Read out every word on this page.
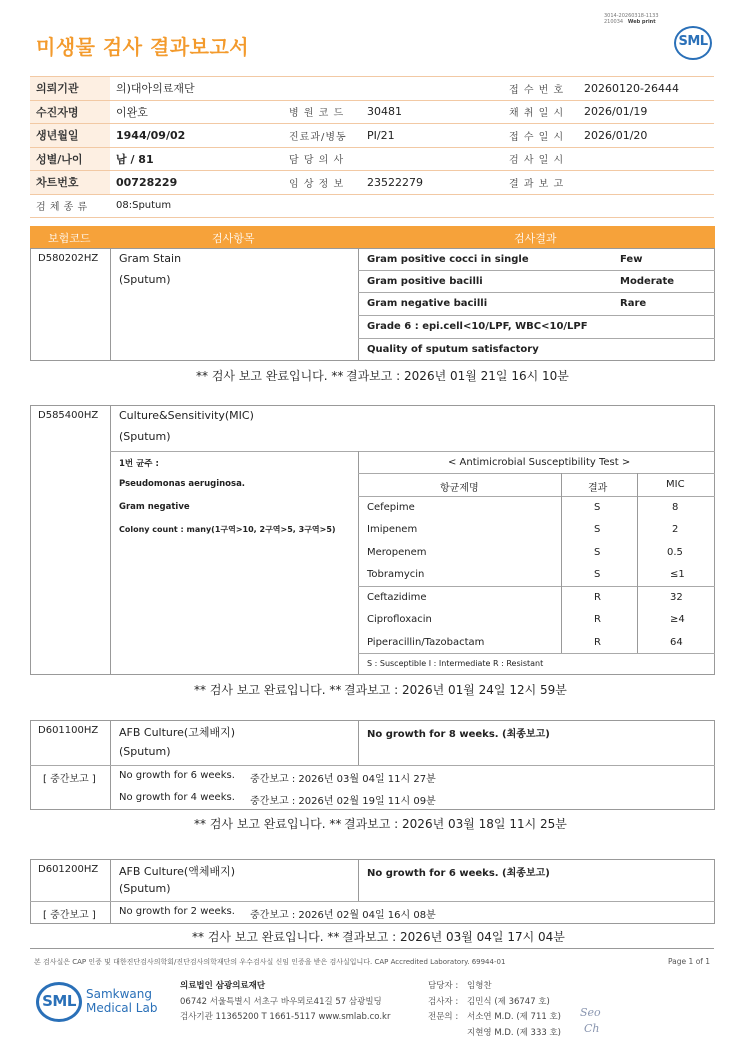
미생물 검사 결과보고서
3014-20260318-1133
210034 Web print
SML
의뢰기관	의)대아의료재단			접 수 번 호	20260120-26444
수진자명	이완호	병 원 코 드	30481	채 취 일 시	2026/01/19
생년월일	1944/09/02	진료과/병동	PI/21	접 수 일 시	2026/01/20
성별/나이	남 / 81	담 당 의 사		검 사 일 시	
차트번호	00728229	임 상 정 보	23522279	결 과 보 고	
검 체 종 류	08:Sputum				
보험코드	검사항목	검사결과
D580202HZ Gram Stain
(Sputum)
Gram positive cocci in single	Few
Gram positive bacilli	Moderate
Gram negative bacilli	Rare
Grade 6 : epi.cell<10/LPF, WBC<10/LPF
Quality of sputum satisfactory
** 검사 보고 완료입니다. ** 결과보고 : 2026년 01월 21일 16시 10분
D585400HZ Culture&Sensitivity(MIC)
(Sputum)
1번 균주 :
Pseudomonas aeruginosa.
Gram negative
Colony count : many(1구역>10, 2구역>5, 3구역>5)
< Antimicrobial Susceptibility Test >
항균제명	결과	MIC
Cefepime	S	8
Imipenem	S	2
Meropenem	S	0.5
Tobramycin	S	≤1
Ceftazidime	R	32
Ciprofloxacin	R	≥4
Piperacillin/Tazobactam	R	64
S : Susceptible I : Intermediate R : Resistant
** 검사 보고 완료입니다. ** 결과보고 : 2026년 01월 24일 12시 59분
D601100HZ AFB Culture(고체배지)
(Sputum)
No growth for 8 weeks. (최종보고)
[ 중간보고 ] No growth for 6 weeks. 중간보고 : 2026년 03월 04일 11시 27분
No growth for 4 weeks. 중간보고 : 2026년 02월 19일 11시 09분
** 검사 보고 완료입니다. ** 결과보고 : 2026년 03월 18일 11시 25분
D601200HZ AFB Culture(액체배지)
(Sputum)
No growth for 6 weeks. (최종보고)
[ 중간보고 ] No growth for 2 weeks. 중간보고 : 2026년 02월 04일 16시 08분
** 검사 보고 완료입니다. ** 결과보고 : 2026년 03월 04일 17시 04분
본 검사실은 CAP 인증 및 대한진단검사의학회/진단검사의학재단의 우수검사실 신임 인증을 받은 검사실입니다. CAP Accredited Laboratory. 69944-01	Page 1 of 1
SML Samkwang
Medical Lab
의료법인 삼광의료재단
06742 서울특별시 서초구 바우뫼로41길 57 삼광빌딩
검사기관 11365200 T 1661-5117 www.smlab.co.kr
담당자 : 임형찬
검사자 : 김민식 (제 36747 호)
전문의 : 서소연 M.D. (제 711 호)
지현영 M.D. (제 333 호)
Seo
Ch
